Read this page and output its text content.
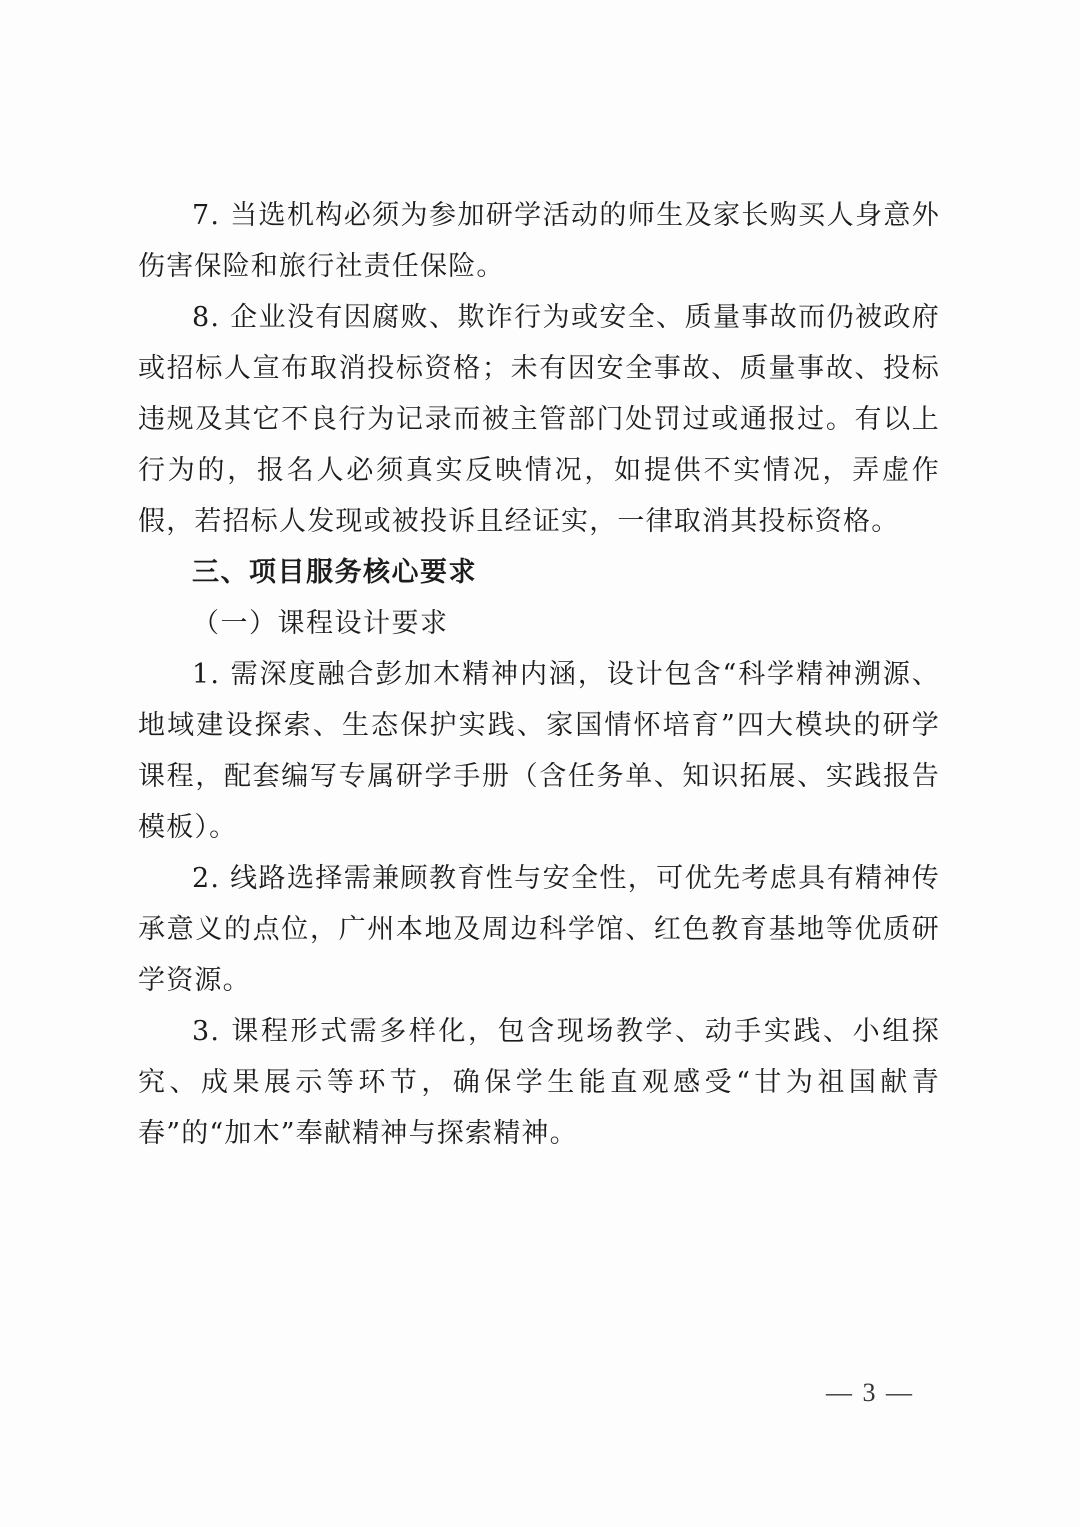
7. 当选机构必须为参加研学活动的师生及家长购买人身意外伤害保险和旅行社责任保险。

8. 企业没有因腐败、欺诈行为或安全、质量事故而仍被政府或招标人宣布取消投标资格；未有因安全事故、质量事故、投标违规及其它不良行为记录而被主管部门处罚过或通报过。有以上行为的，报名人必须真实反映情况，如提供不实情况，弄虚作假，若招标人发现或被投诉且经证实，一律取消其投标资格。

三、项目服务核心要求

（一）课程设计要求

1. 需深度融合彭加木精神内涵，设计包含“科学精神溯源、地域建设探索、生态保护实践、家国情怀培育”四大模块的研学课程，配套编写专属研学手册（含任务单、知识拓展、实践报告模板）。

2. 线路选择需兼顾教育性与安全性，可优先考虑具有精神传承意义的点位，广州本地及周边科学馆、红色教育基地等优质研学资源。

3. 课程形式需多样化，包含现场教学、动手实践、小组探究、成果展示等环节，确保学生能直观感受“甘为祖国献青春”的“加木”奉献精神与探索精神。

— 3 —
